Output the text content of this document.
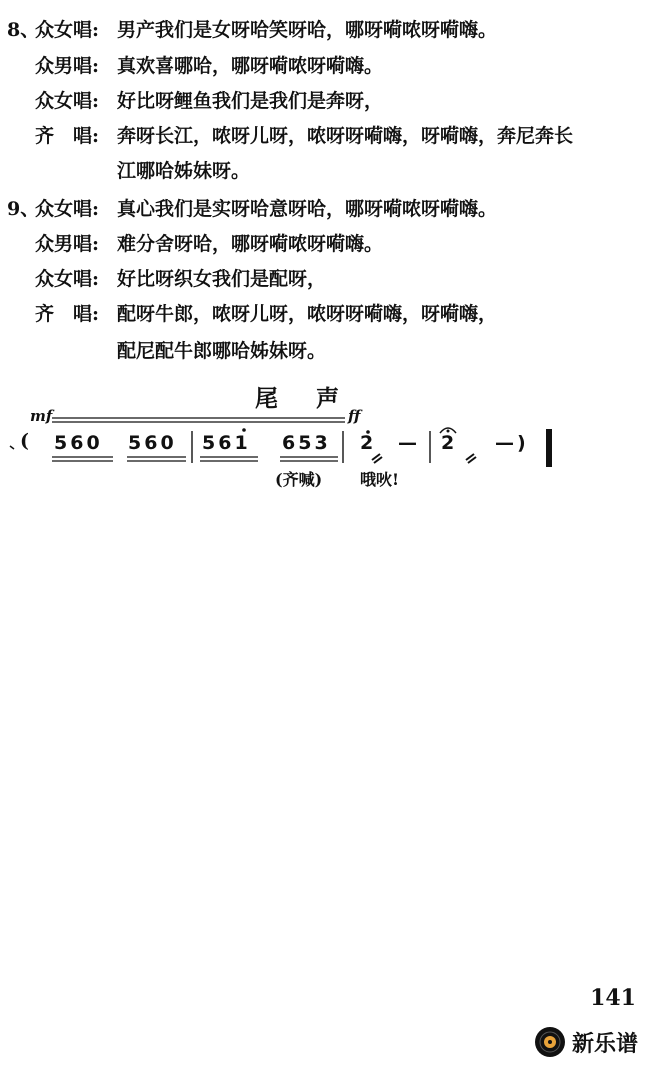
8、
众女唱: 男产我们是女呀哈笑呀哈，哪呀嗬哝呀嗬嗨。
众男唱: 真欢喜哪哈，哪呀嗬哝呀嗬嗨。
众女唱: 好比呀鲤鱼我们是我们是奔呀，
齐　唱: 奔呀长江，哝呀儿呀，哝呀呀嗬嗨，呀嗬嗨，奔尼奔长
江哪哈姊妹呀。
9、
众女唱: 真心我们是实呀哈意呀哈，哪呀嗬哝呀嗬嗨。
众男唱: 难分舍呀哈，哪呀嗬哝呀嗬嗨。
众女唱: 好比呀织女我们是配呀，
齐　唱: 配呀牛郎，哝呀儿呀，哝呀呀嗬嗨，呀嗬嗨，
配尼配牛郎哪哈姊妹呀。
尾声
mf	ff
( 560 560 561 653 2 — 2 —)
(齐喊) 哦吙!
141
新乐谱
